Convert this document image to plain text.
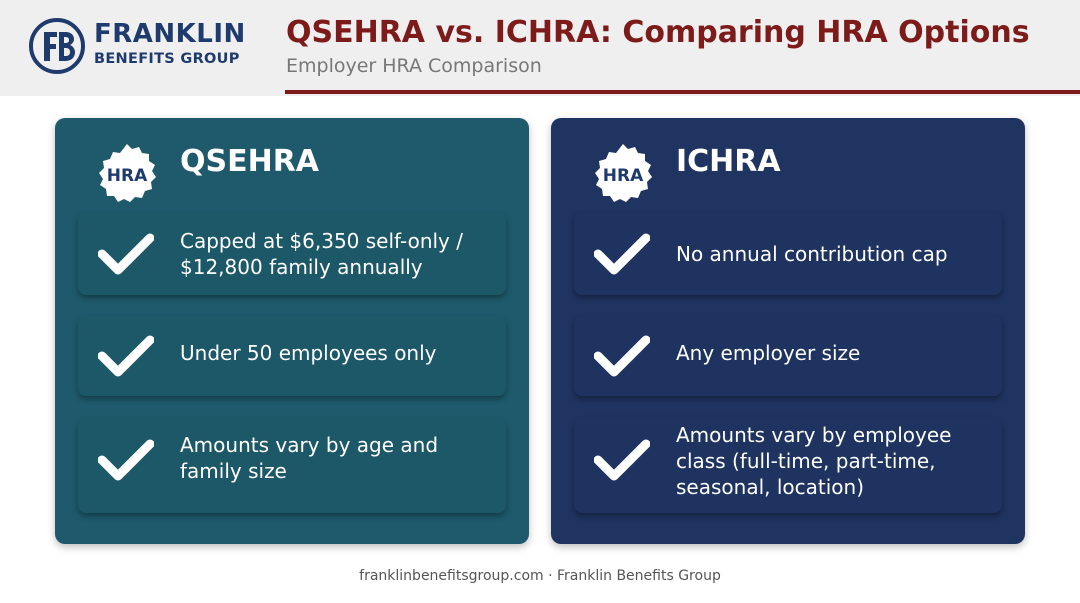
FRANKLIN
BENEFITS GROUP
QSEHRA vs. ICHRA: Comparing HRA Options
Employer HRA Comparison
HRA QSEHRA
Capped at $6,350 self-only / $12,800 family annually
Under 50 employees only
Amounts vary by age and family size
HRA ICHRA
No annual contribution cap
Any employer size
Amounts vary by employee class (full-time, part-time, seasonal, location)
franklinbenefitsgroup.com · Franklin Benefits Group
